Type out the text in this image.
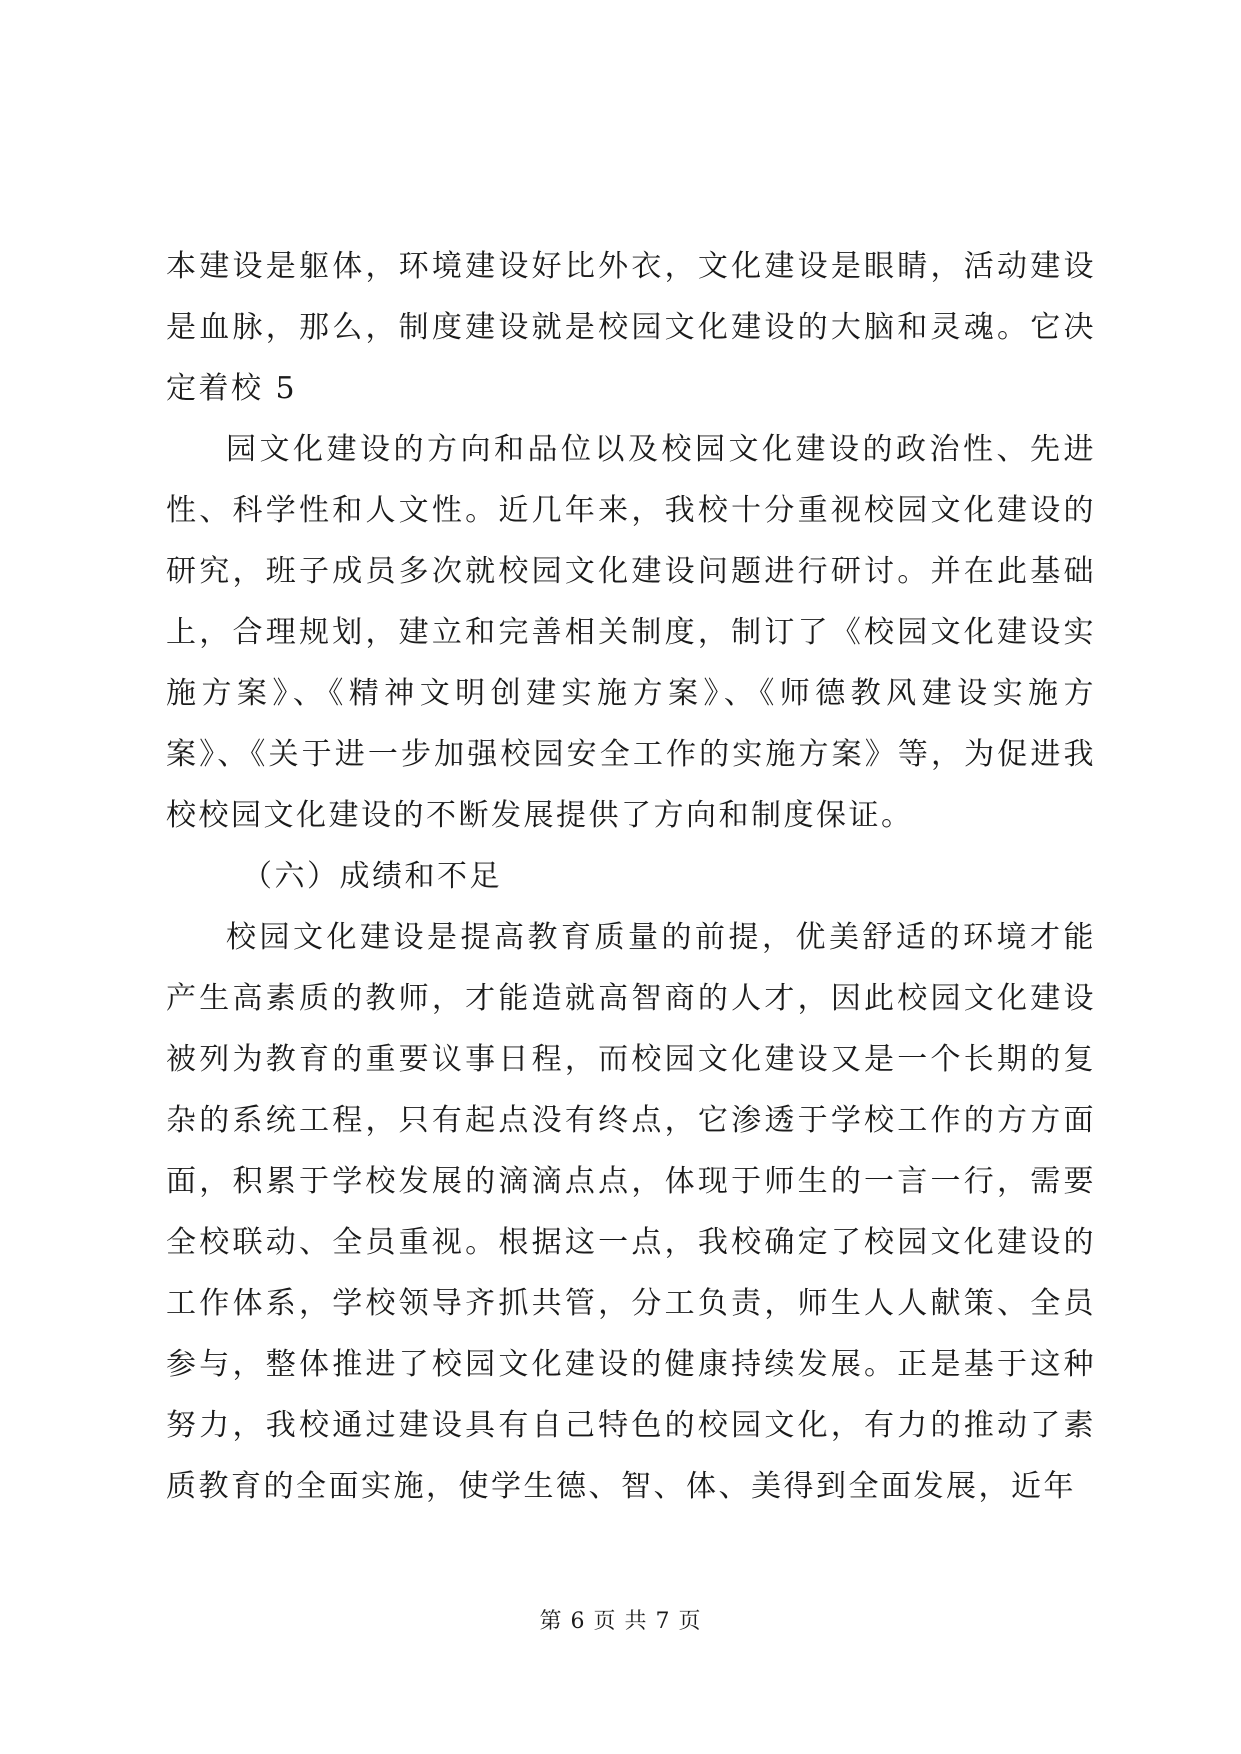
本建设是躯体，环境建设好比外衣，文化建设是眼睛，活动建设是血脉，那么，制度建设就是校园文化建设的大脑和灵魂。它决定着校 5

园文化建设的方向和品位以及校园文化建设的政治性、先进性、科学性和人文性。近几年来，我校十分重视校园文化建设的研究，班子成员多次就校园文化建设问题进行研讨。并在此基础上，合理规划，建立和完善相关制度，制订了《校园文化建设实施方案》、《精神文明创建实施方案》、《师德教风建设实施方案》、《关于进一步加强校园安全工作的实施方案》等，为促进我校校园文化建设的不断发展提供了方向和制度保证。

（六）成绩和不足

校园文化建设是提高教育质量的前提，优美舒适的环境才能产生高素质的教师，才能造就高智商的人才，因此校园文化建设被列为教育的重要议事日程，而校园文化建设又是一个长期的复杂的系统工程，只有起点没有终点，它渗透于学校工作的方方面面，积累于学校发展的滴滴点点，体现于师生的一言一行，需要全校联动、全员重视。根据这一点，我校确定了校园文化建设的工作体系，学校领导齐抓共管，分工负责，师生人人献策、全员参与，整体推进了校园文化建设的健康持续发展。正是基于这种努力，我校通过建设具有自己特色的校园文化，有力的推动了素质教育的全面实施，使学生德、智、体、美得到全面发展，近年

第 6 页 共 7 页
